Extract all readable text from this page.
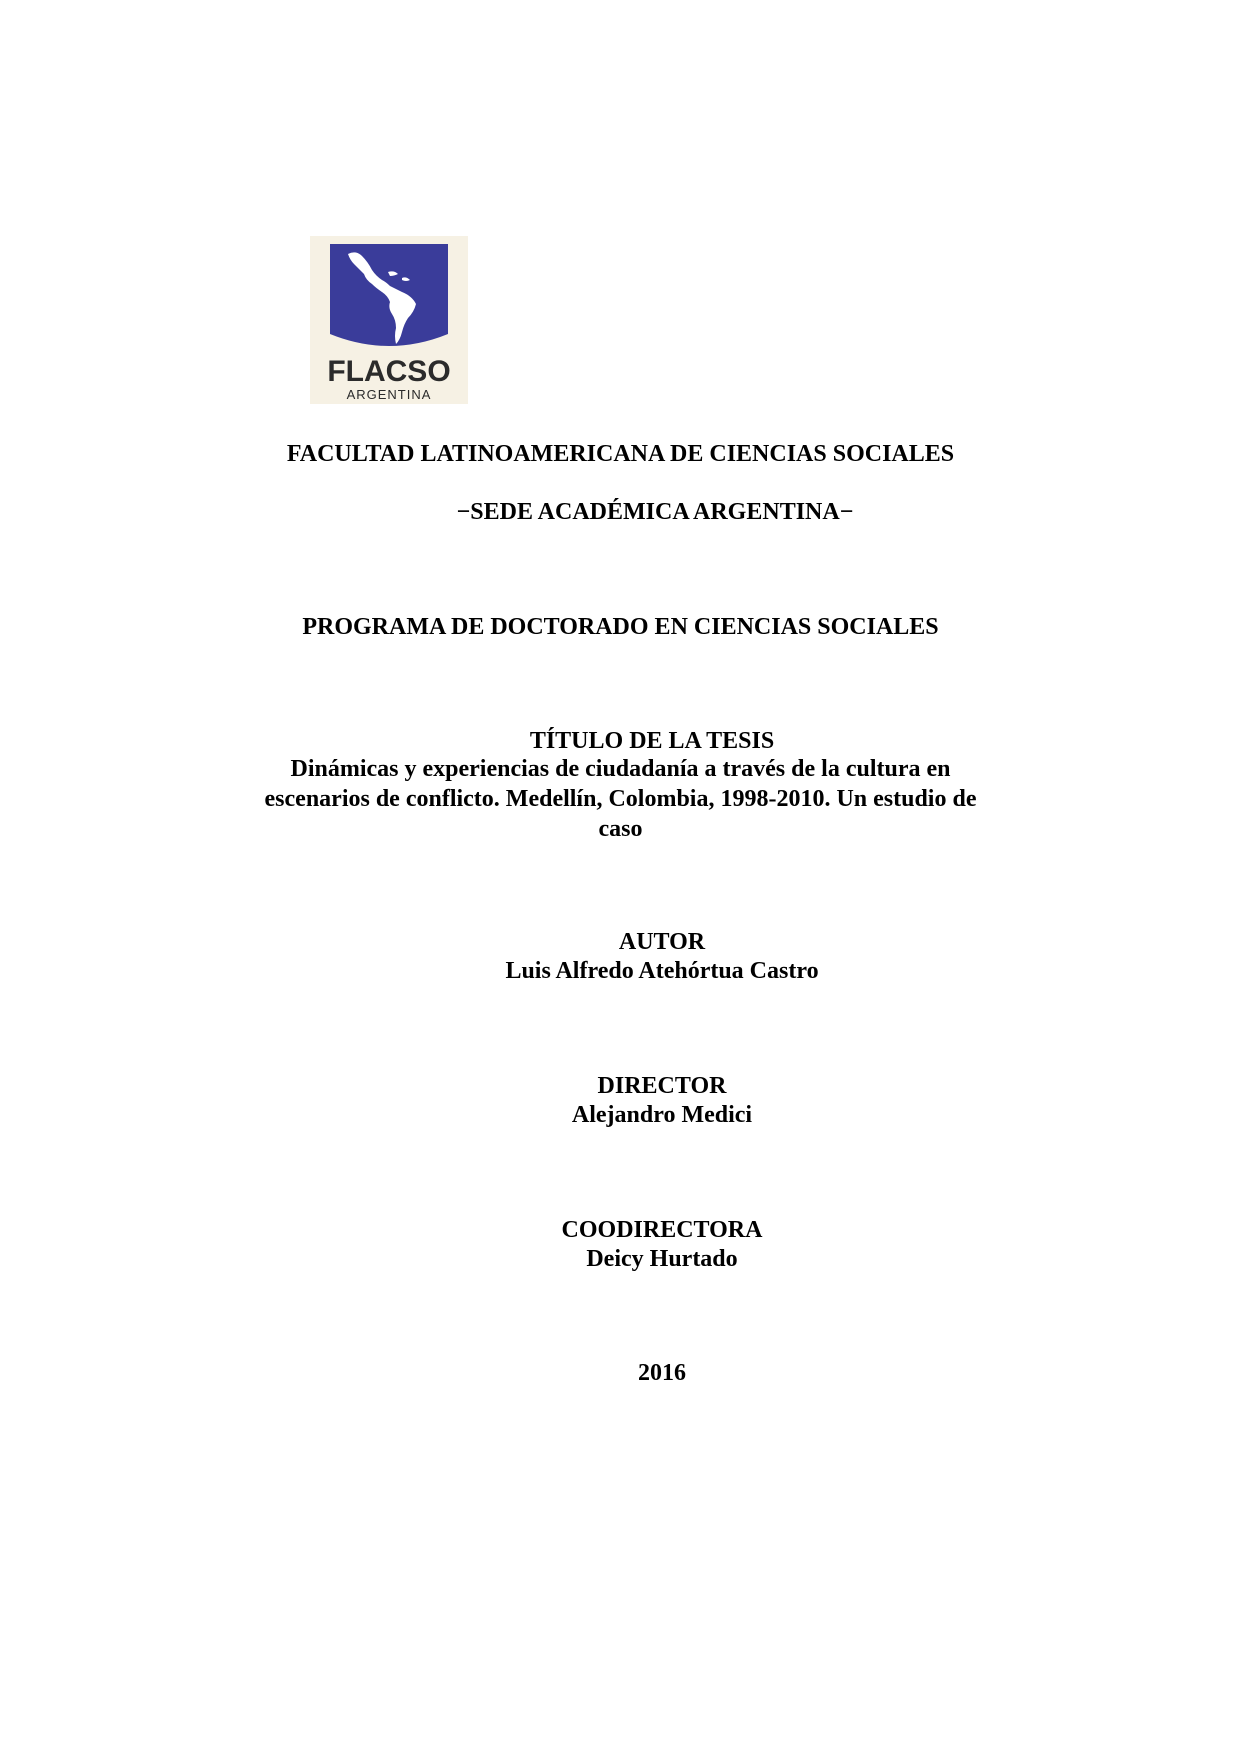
FLACSO
ARGENTINA
FACULTAD LATINOAMERICANA DE CIENCIAS SOCIALES
−SEDE ACADÉMICA ARGENTINA−
PROGRAMA DE DOCTORADO EN CIENCIAS SOCIALES
TÍTULO DE LA TESIS
Dinámicas y experiencias de ciudadanía a través de la cultura en
escenarios de conflicto. Medellín, Colombia, 1998-2010. Un estudio de
caso
AUTOR
Luis Alfredo Atehórtua Castro
DIRECTOR
Alejandro Medici
COODIRECTORA
Deicy Hurtado
2016
